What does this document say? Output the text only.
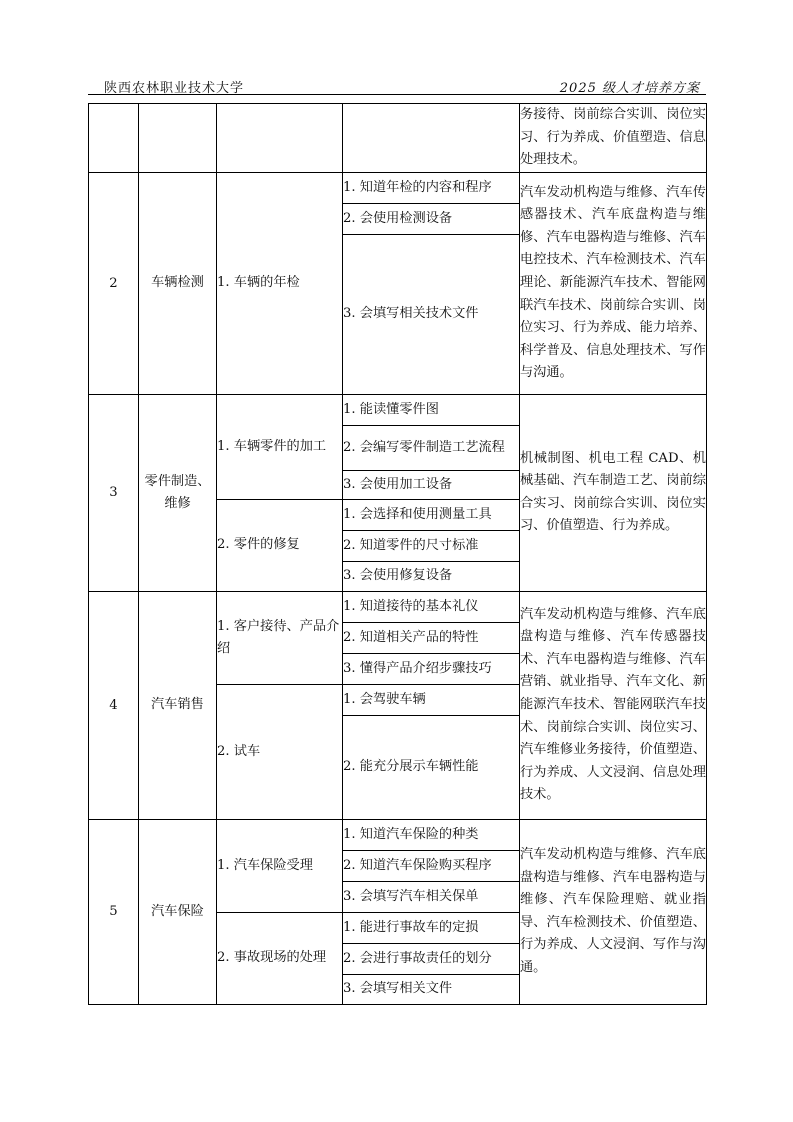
陕西农林职业技术大学	2025 级人才培养方案
				务接待、岗前综合实训、岗位实习、行为养成、价值塑造、信息处理技术。
2	车辆检测	1. 车辆的年检	1. 知道年检的内容和程序	汽车发动机构造与维修、汽车传感器技术、汽车底盘构造与维修、汽车电器构造与维修、汽车电控技术、汽车检测技术、汽车理论、新能源汽车技术、智能网联汽车技术、岗前综合实训、岗位实习、行为养成、能力培养、科学普及、信息处理技术、写作与沟通。
			2. 会使用检测设备	
			3. 会填写相关技术文件	
3	零件制造、维修	1. 车辆零件的加工	1. 能读懂零件图	机械制图、机电工程 CAD、机械基础、汽车制造工艺、岗前综合实习、岗前综合实训、岗位实习、价值塑造、行为养成。
			2. 会编写零件制造工艺流程	
			3. 会使用加工设备	
		2. 零件的修复	1. 会选择和使用测量工具	
			2. 知道零件的尺寸标准	
			3. 会使用修复设备	
4	汽车销售	1. 客户接待、产品介绍	1. 知道接待的基本礼仪	汽车发动机构造与维修、汽车底盘构造与维修、汽车传感器技术、汽车电器构造与维修、汽车营销、就业指导、汽车文化、新能源汽车技术、智能网联汽车技术、岗前综合实训、岗位实习、汽车维修业务接待，价值塑造、行为养成、人文浸润、信息处理技术。
			2. 知道相关产品的特性	
			3. 懂得产品介绍步骤技巧	
		2. 试车	1. 会驾驶车辆	
			2. 能充分展示车辆性能	
5	汽车保险	1. 汽车保险受理	1. 知道汽车保险的种类	汽车发动机构造与维修、汽车底盘构造与维修、汽车电器构造与维修、汽车保险理赔、就业指导、汽车检测技术、价值塑造、行为养成、人文浸润、写作与沟通。
			2. 知道汽车保险购买程序	
			3. 会填写汽车相关保单	
		2. 事故现场的处理	1. 能进行事故车的定损	
			2. 会进行事故责任的划分	
			3. 会填写相关文件	
